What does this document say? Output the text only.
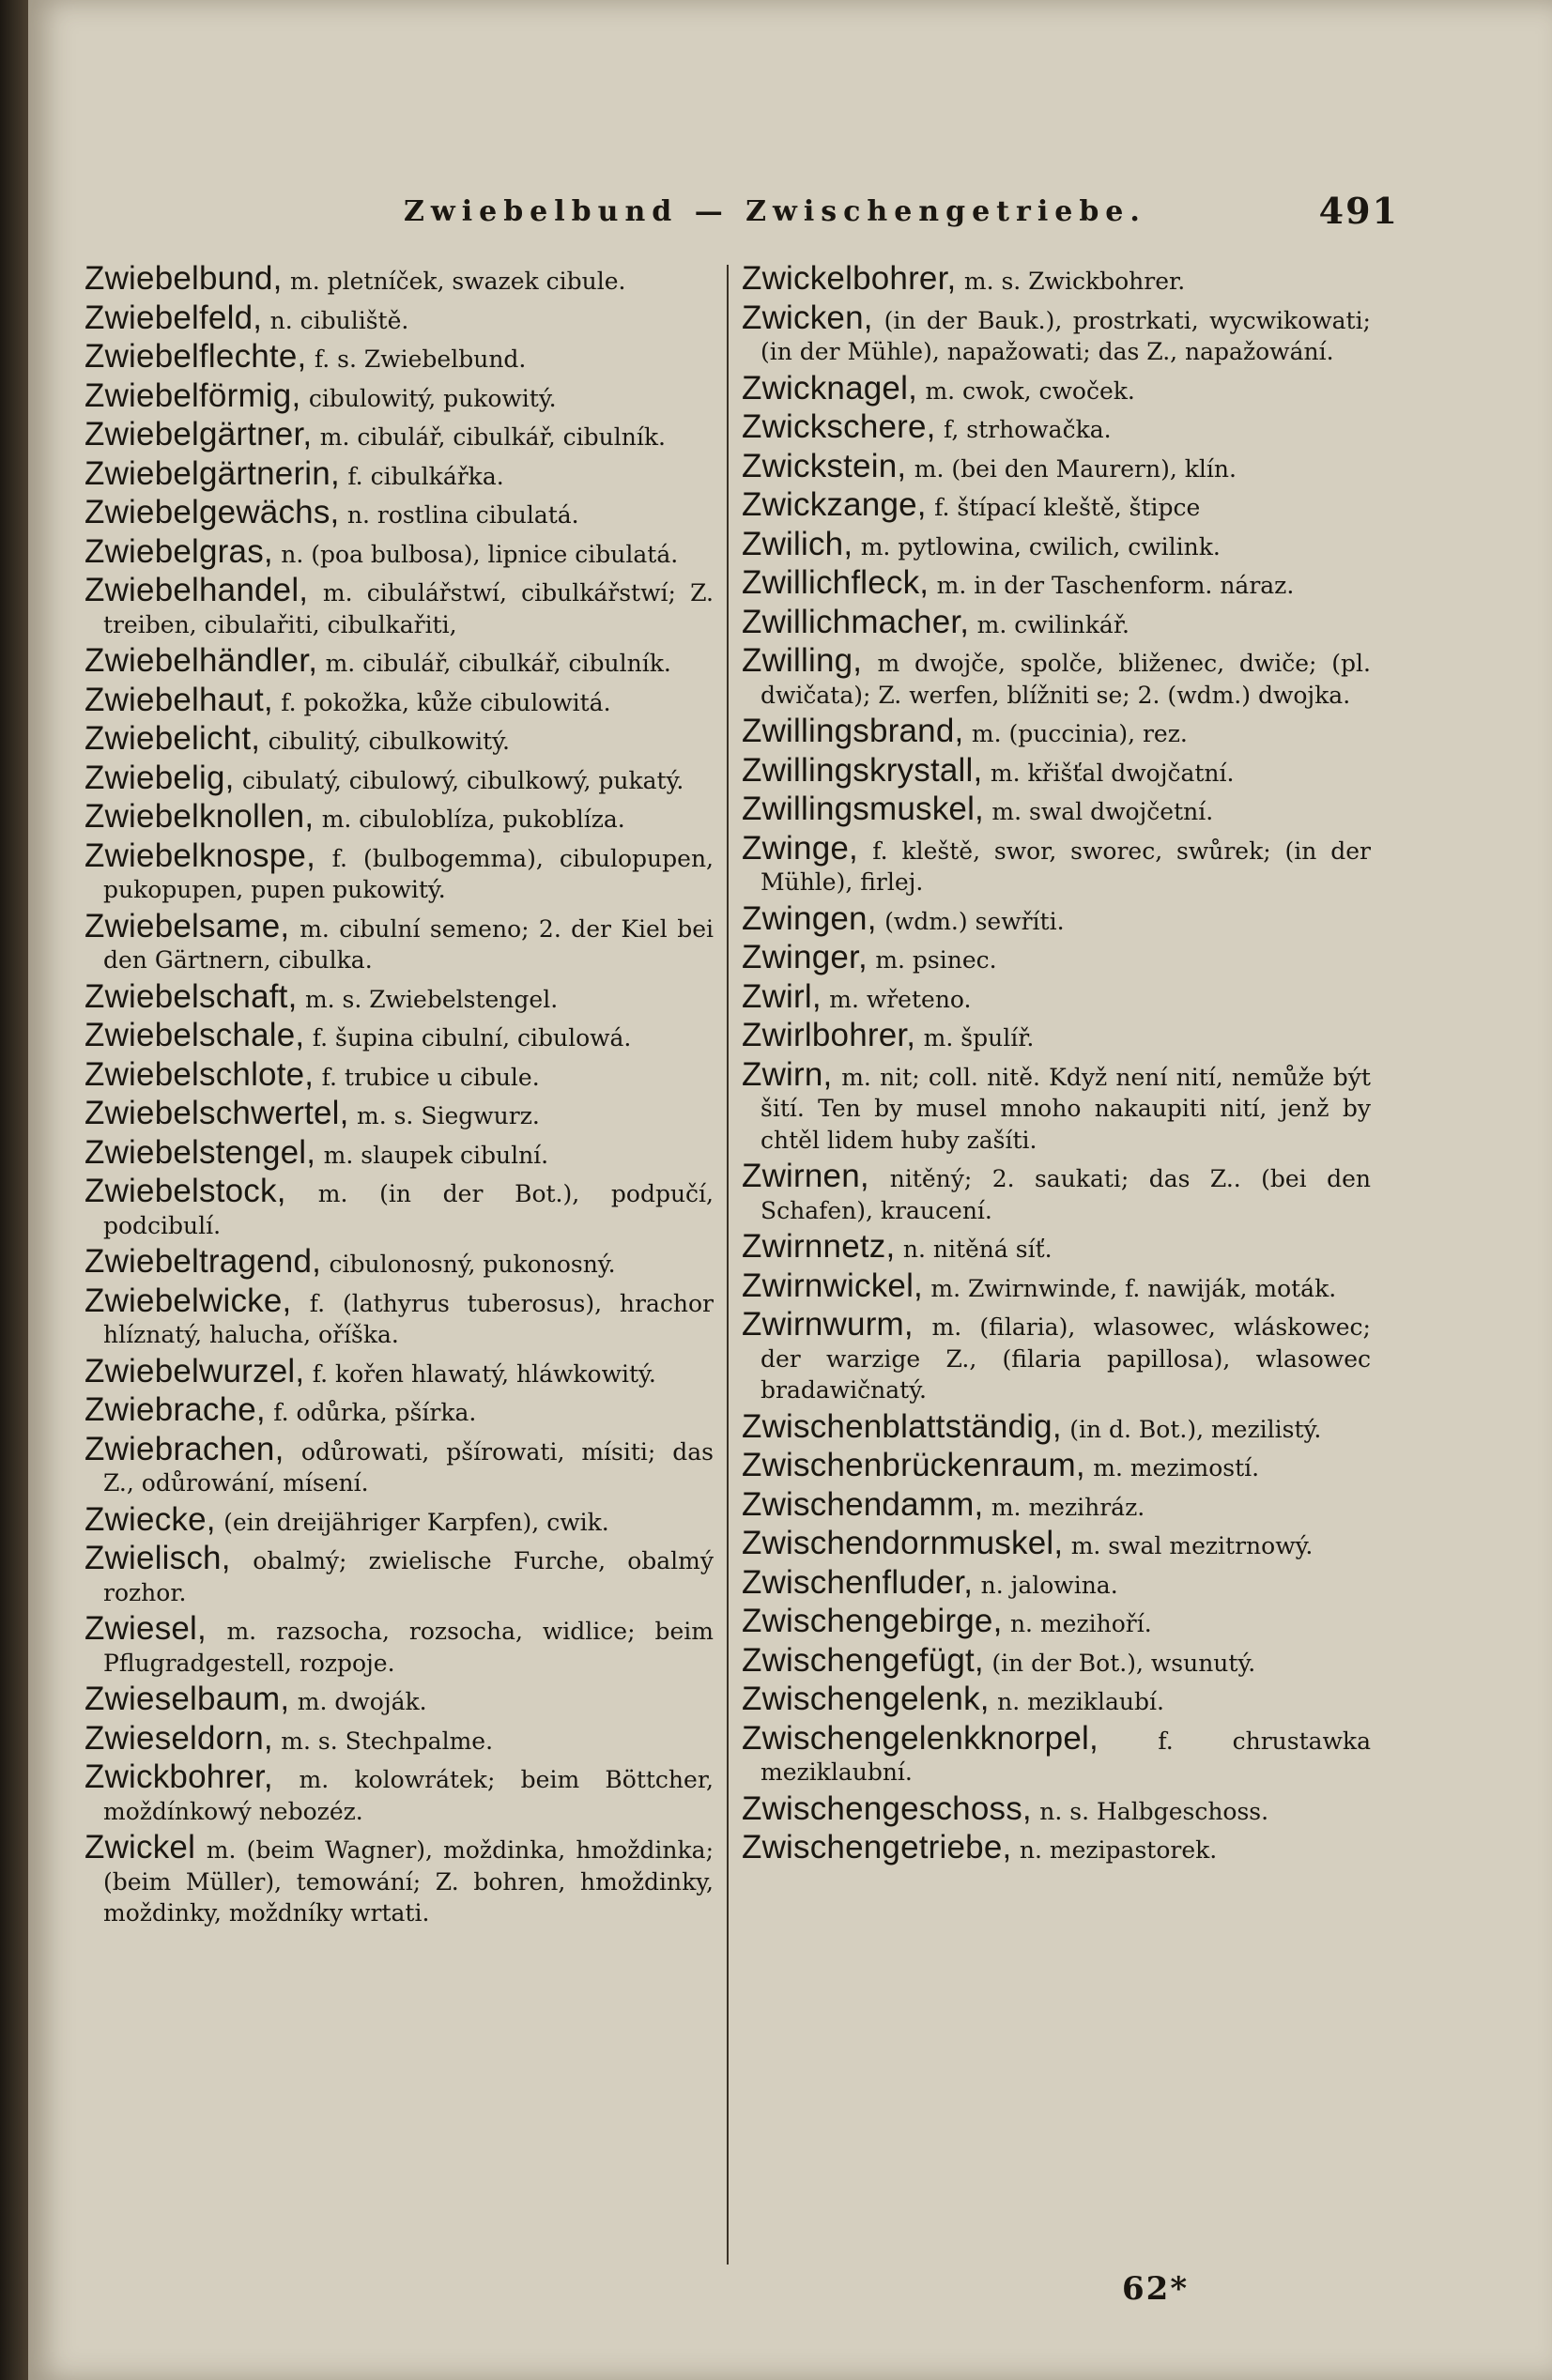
Zwiebelbund — Zwischengetriebe.	491

Zwiebelbund, m. pletníček, swazek cibule.

Zwiebelfeld, n. cibuliště.

Zwiebelflechte, f. s. Zwiebelbund.

Zwiebelförmig, cibulowitý, pukowitý.

Zwiebelgärtner, m. cibulář, cibulkář, cibulník.

Zwiebelgärtnerin, f. cibulkářka.

Zwiebelgewächs, n. rostlina cibulatá.

Zwiebelgras, n. (poa bulbosa), lipnice cibulatá.

Zwiebelhandel, m. cibulářstwí, cibulkářstwí; Z. treiben, cibulařiti, cibulkařiti,

Zwiebelhändler, m. cibulář, cibulkář, cibulník.

Zwiebelhaut, f. pokožka, kůže cibulowitá.

Zwiebelicht, cibulitý, cibulkowitý.

Zwiebelig, cibulatý, cibulowý, cibulkowý, pukatý.

Zwiebelknollen, m. cibuloblíza, pukoblíza.

Zwiebelknospe, f. (bulbogemma), cibulopupen, pukopupen, pupen pukowitý.

Zwiebelsame, m. cibulní semeno; 2. der Kiel bei den Gärtnern, cibulka.

Zwiebelschaft, m. s. Zwiebelstengel.

Zwiebelschale, f. šupina cibulní, cibulowá.

Zwiebelschlote, f. trubice u cibule.

Zwiebelschwertel, m. s. Siegwurz.

Zwiebelstengel, m. slaupek cibulní.

Zwiebelstock, m. (in der Bot.), podpučí, podcibulí.

Zwiebeltragend, cibulonosný, pukonosný.

Zwiebelwicke, f. (lathyrus tuberosus), hrachor hlíznatý, halucha, oříška.

Zwiebelwurzel, f. kořen hlawatý, hláwkowitý.

Zwiebrache, f. odůrka, pšírka.

Zwiebrachen, odůrowati, pšírowati, mísiti; das Z., odůrowání, mísení.

Zwiecke, (ein dreijähriger Karpfen), cwik.

Zwielisch, obalmý; zwielische Furche, obalmý rozhor.

Zwiesel, m. razsocha, rozsocha, widlice; beim Pflugradgestell, rozpoje.

Zwieselbaum, m. dwoják.

Zwieseldorn, m. s. Stechpalme.

Zwickbohrer, m. kolowrátek; beim Böttcher, moždínkowý nebozéz.

Zwickel m. (beim Wagner), moždinka, hmoždinka; (beim Müller), temowání; Z. bohren, hmoždinky, moždinky, moždníky wrtati.

Zwickelbohrer, m. s. Zwickbohrer.

Zwicken, (in der Bauk.), prostrkati, wycwikowati; (in der Mühle), napažowati; das Z., napažowání.

Zwicknagel, m. cwok, cwoček.

Zwickschere, f, strhowačka.

Zwickstein, m. (bei den Maurern), klín.

Zwickzange, f. štípací kleště, štipce

Zwilich, m. pytlowina, cwilich, cwilink.

Zwillichfleck, m. in der Taschenform. náraz.

Zwillichmacher, m. cwilinkář.

Zwilling, m dwojče, spolče, bliženec, dwiče; (pl. dwičata); Z. werfen, blížniti se; 2. (wdm.) dwojka.

Zwillingsbrand, m. (puccinia), rez.

Zwillingskrystall, m. křišťal dwojčatní.

Zwillingsmuskel, m. swal dwojčetní.

Zwinge, f. kleště, swor, sworec, swůrek; (in der Mühle), firlej.

Zwingen, (wdm.) sewříti.

Zwinger, m. psinec.

Zwirl, m. wřeteno.

Zwirlbohrer, m. špulíř.

Zwirn, m. nit; coll. nitě. Když není nití, nemůže být šití. Ten by musel mnoho nakaupiti nití, jenž by chtěl lidem huby zašíti.

Zwirnen, nitěný; 2. saukati; das Z.. (bei den Schafen), kraucení.

Zwirnnetz, n. nitěná síť.

Zwirnwickel, m. Zwirnwinde, f. nawiják, moták.

Zwirnwurm, m. (filaria), wlasowec, wláskowec; der warzige Z., (filaria papillosa), wlasowec bradawičnatý.

Zwischenblattständig, (in d. Bot.), mezilistý.

Zwischenbrückenraum, m. mezimostí.

Zwischendamm, m. mezihráz.

Zwischendornmuskel, m. swal mezitrnowý.

Zwischenfluder, n. jalowina.

Zwischengebirge, n. mezihoří.

Zwischengefügt, (in der Bot.), wsunutý.

Zwischengelenk, n. meziklaubí.

Zwischengelenkknorpel,	f. chrustawka meziklaubní.

Zwischengeschoss, n. s. Halbgeschoss.

Zwischengetriebe, n. mezipastorek.

62*
